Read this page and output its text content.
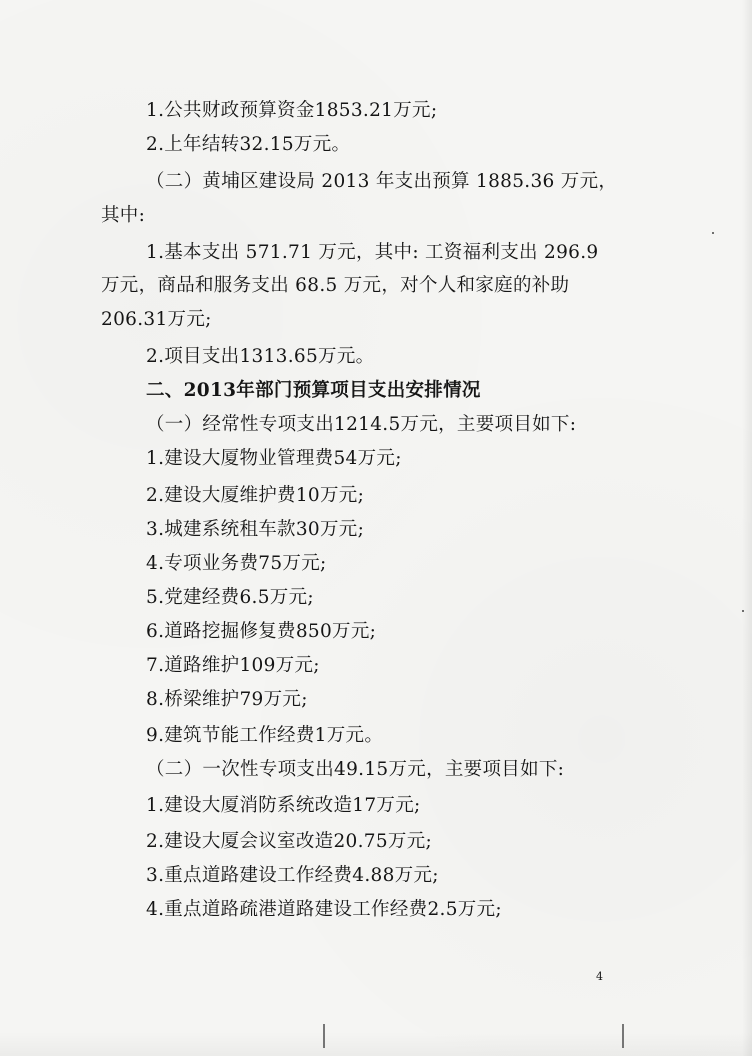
1.公共财政预算资金1853.21万元;
2.上年结转32.15万元。
（二）黄埔区建设局 2013 年支出预算 1885.36 万元，
其中:
1.基本支出 571.71 万元，其中: 工资福利支出 296.9
万元，商品和服务支出 68.5 万元，对个人和家庭的补助
206.31万元;
2.项目支出1313.65万元。
二、2013年部门预算项目支出安排情况
（一）经常性专项支出1214.5万元，主要项目如下:
1.建设大厦物业管理费54万元;
2.建设大厦维护费10万元;
3.城建系统租车款30万元;
4.专项业务费75万元;
5.党建经费6.5万元;
6.道路挖掘修复费850万元;
7.道路维护109万元;
8.桥梁维护79万元;
9.建筑节能工作经费1万元。
（二）一次性专项支出49.15万元，主要项目如下:
1.建设大厦消防系统改造17万元;
2.建设大厦会议室改造20.75万元;
3.重点道路建设工作经费4.88万元;
4.重点道路疏港道路建设工作经费2.5万元;
4
